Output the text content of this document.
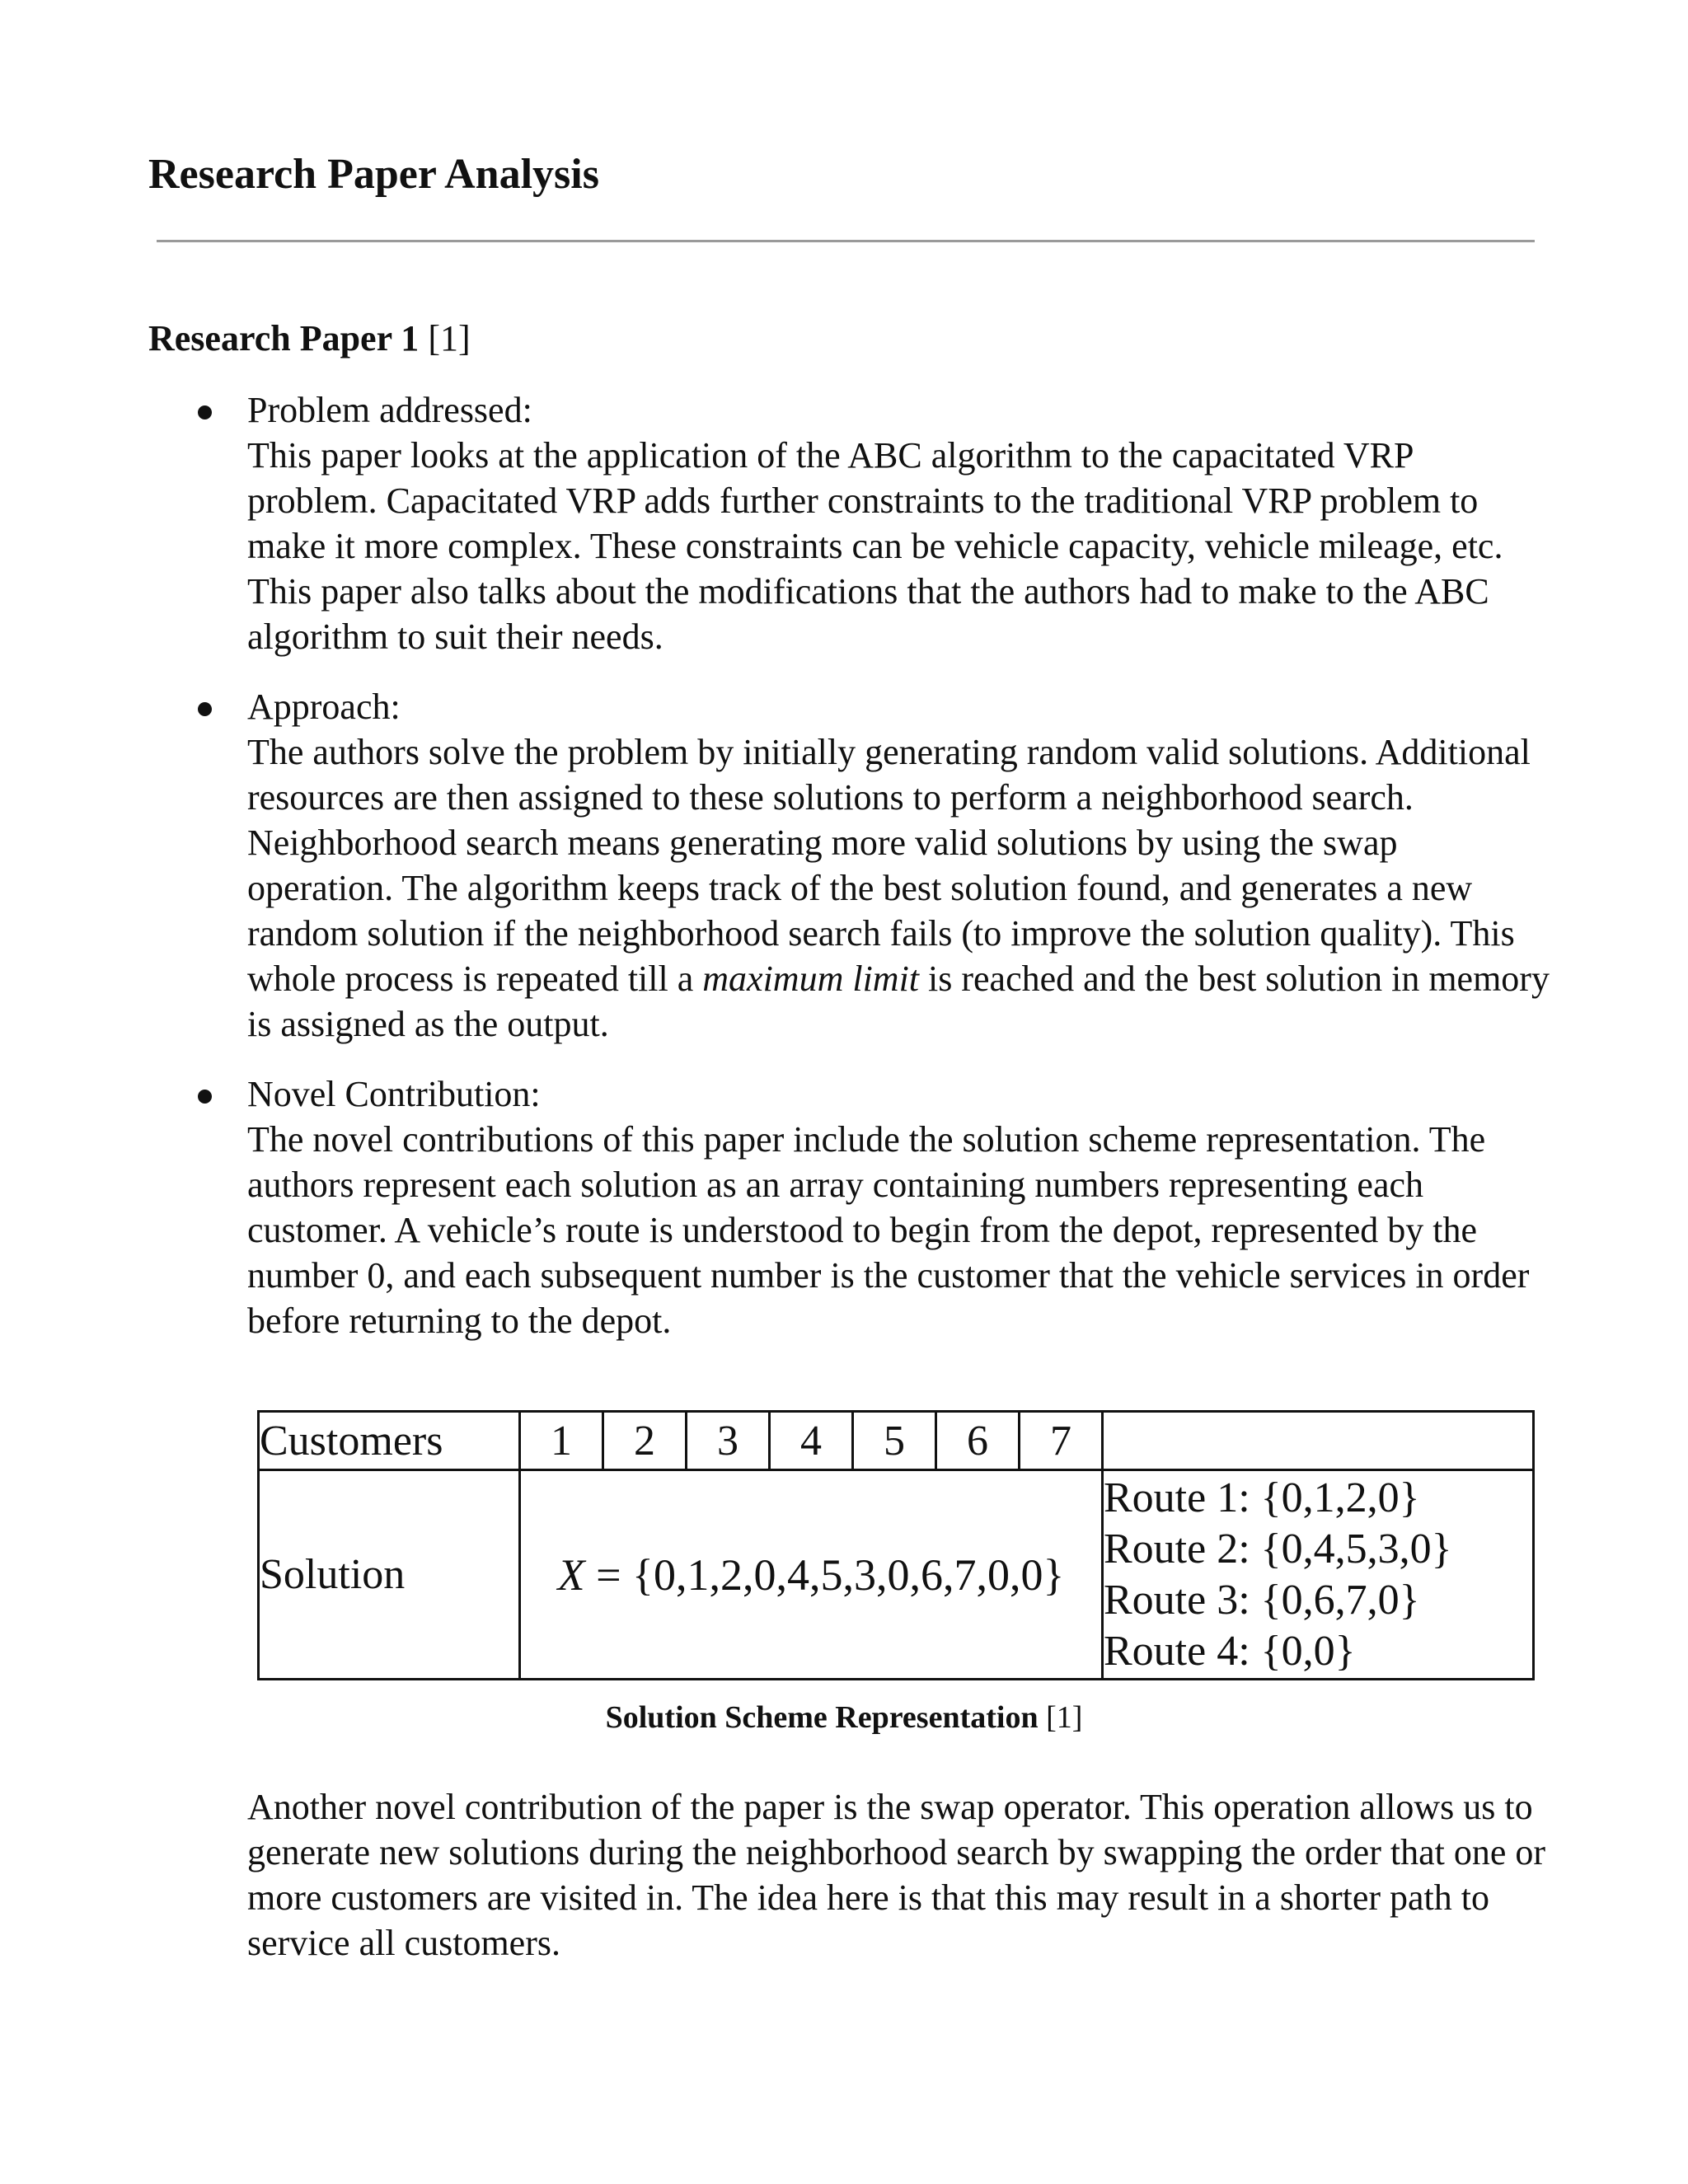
Research Paper Analysis

Research Paper 1 [1]

Problem addressed:
This paper looks at the application of the ABC algorithm to the capacitated VRP problem. Capacitated VRP adds further constraints to the traditional VRP problem to make it more complex. These constraints can be vehicle capacity, vehicle mileage, etc. This paper also talks about the modifications that the authors had to make to the ABC algorithm to suit their needs.
Approach:
The authors solve the problem by initially generating random valid solutions. Additional resources are then assigned to these solutions to perform a neighborhood search. Neighborhood search means generating more valid solutions by using the swap operation. The algorithm keeps track of the best solution found, and generates a new random solution if the neighborhood search fails (to improve the solution quality). This whole process is repeated till a maximum limit is reached and the best solution in memory is assigned as the output.
Novel Contribution:
The novel contributions of this paper include the solution scheme representation. The authors represent each solution as an array containing numbers representing each customer. A vehicle’s route is understood to begin from the depot, represented by the number 0, and each subsequent number is the customer that the vehicle services in order before returning to the depot.
Customers	1	2	3	4	5	6	7	
Solution	X = {0,1,2,0,4,5,3,0,6,7,0,0}							Route 1: {0,1,2,0}
Route 2: {0,4,5,3,0}
Route 3: {0,6,7,0}
Route 4: {0,0}
Solution Scheme Representation [1]

Another novel contribution of the paper is the swap operator. This operation allows us to generate new solutions during the neighborhood search by swapping the order that one or more customers are visited in. The idea here is that this may result in a shorter path to service all customers.
